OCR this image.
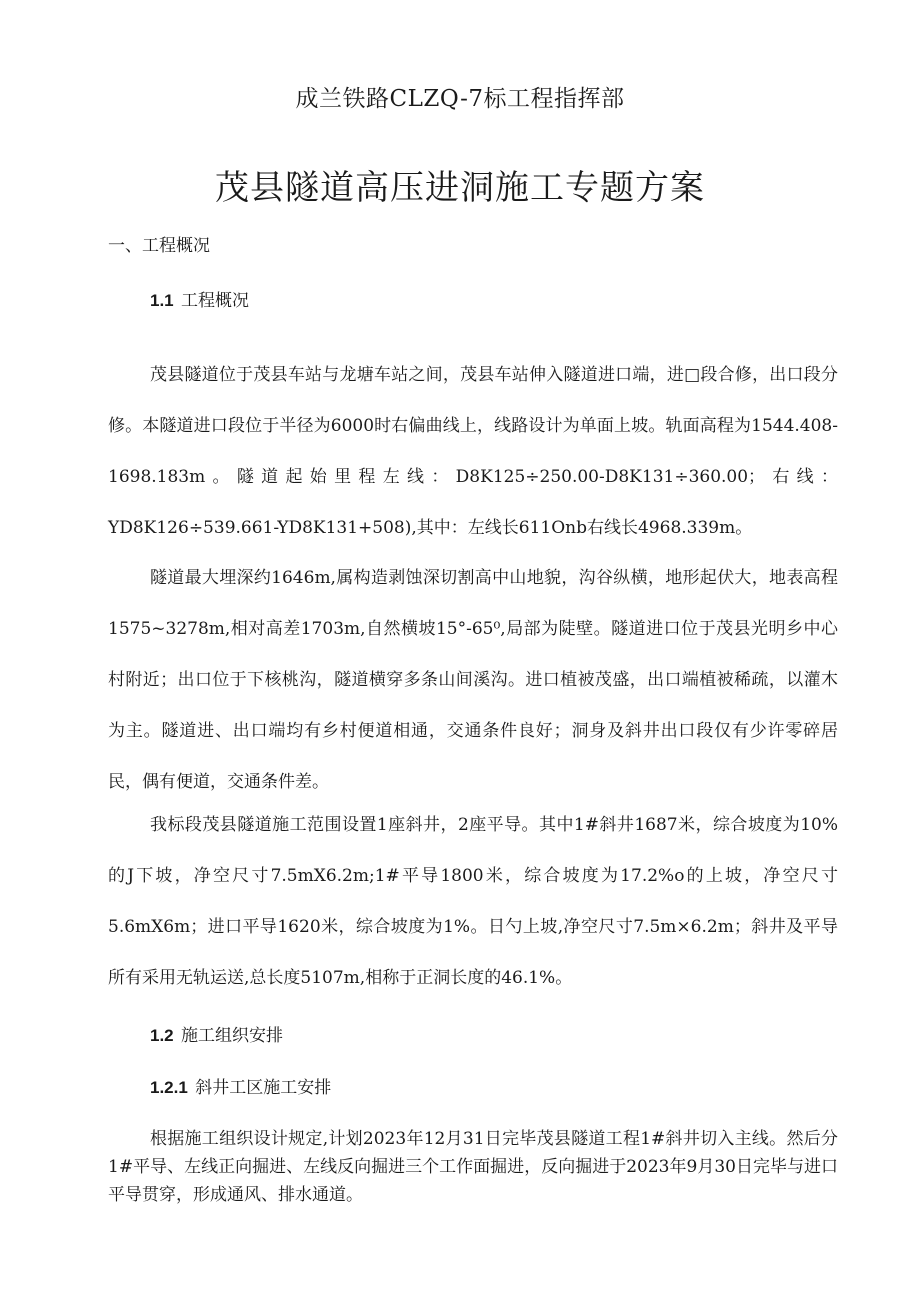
成兰铁路CLZQ-7标工程指挥部
茂县隧道高压进洞施工专题方案
一、工程概况
1.1 工程概况

茂县隧道位于茂县车站与龙塘车站之间，茂县车站伸入隧道进口端，进□段合修，出口段分修。本隧道进口段位于半径为6000时右偏曲线上，线路设计为单面上坡。轨面高程为1544.408-1698.183m。隧道起始里程左线：D8K125÷250.00-D8K131÷360.00；右线：YD8K126÷539.661-YD8K131+508),其中：左线长611Onb右线长4968.339m。

隧道最大埋深约1646m,属构造剥蚀深切割高中山地貌，沟谷纵横，地形起伏大，地表高程1575~3278m,相对高差1703m,自然横坡15°-65⁰,局部为陡壁。隧道进口位于茂县光明乡中心村附近；出口位于下核桃沟，隧道横穿多条山间溪沟。进口植被茂盛，出口端植被稀疏，以灌木为主。隧道进、出口端均有乡村便道相通，交通条件良好；洞身及斜井出口段仅有少许零碎居民，偶有便道，交通条件差。

我标段茂县隧道施工范围设置1座斜井，2座平导。其中1#斜井1687米，综合坡度为10%的J下坡，净空尺寸7.5mX6.2m;1#平导1800米，综合坡度为17.2%o的上坡，净空尺寸5.6mX6m；进口平导1620米，综合坡度为1%。日勺上坡,净空尺寸7.5m×6.2m；斜井及平导所有采用无轨运送,总长度5107m,相称于正洞长度的46.1%。

1.2 施工组织安排
1.2.1 斜井工区施工安排

根据施工组织设计规定,计划2023年12月31日完毕茂县隧道工程1#斜井切入主线。然后分1#平导、左线正向掘进、左线反向掘进三个工作面掘进，反向掘进于2023年9月30日完毕与进口平导贯穿，形成通风、排水通道。
